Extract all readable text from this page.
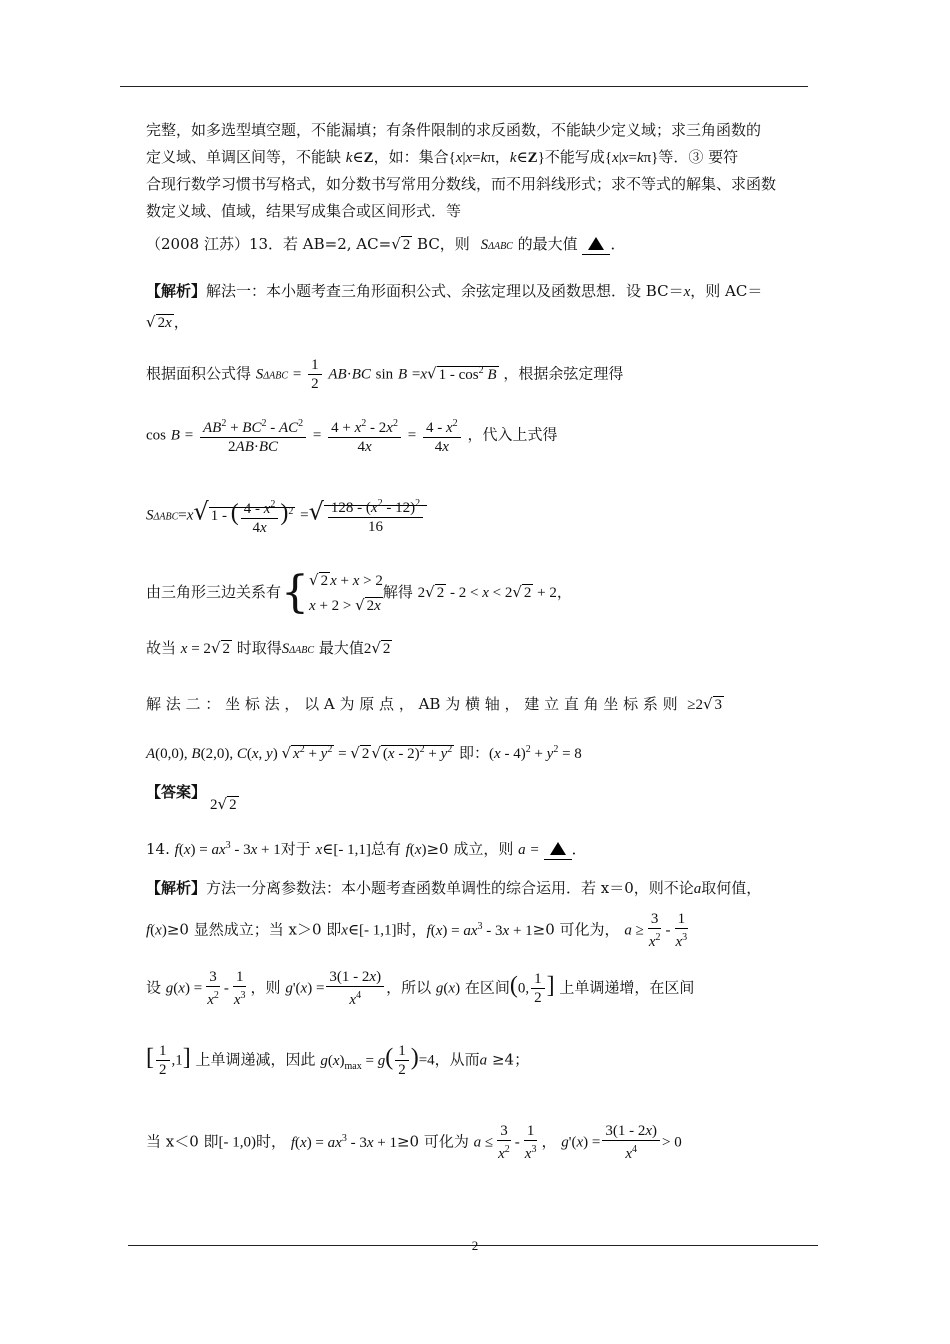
完整，如多选型填空题，不能漏填；有条件限制的求反函数，不能缺少定义域；求三角函数的
定义域、单调区间等，不能缺 k∈Z，如：集合{x|x=kπ，k∈Z}不能写成{x|x=kπ}等．③ 要符
合现行数学习惯书写格式，如分数书写常用分数线，而不用斜线形式；求不等式的解集、求函数
数定义域、值域，结果写成集合或区间形式．等
（2008 江苏）13．若 AB=2, AC=√ 2 BC，则 SΔABC 的最大值 ．
【解析】解法一：本小题考查三角形面积公式、余弦定理以及函数思想．设 BC＝x，则 AC＝
√ 2x ，
根据面积公式得 $S\Delta ABC = \frac{1}{2} AB\cdot BC$ sin B =x√ $1 - \cos^2 B$ ，根据余弦定理得
$\cos B = \frac{AB^2 + BC^2 - AC^2}{2AB\cdot BC} = \frac{4 + x^2 - 2x^2}{4x} = \frac{4 - x^2}{4x}$ ，代入上式得
SΔABC=x√ 1 - ( $\frac{4 - x^2}{4x} )^2$ =√ $\frac{128 - (x^2 - 12)^2}{16}$
由三角形三边关系有{√ 2 x + x > 2
x + 2 > √ 2x解得 2√ 2 - 2 < x < 2√ 2 + 2，
故当 x = 2√ 2 时取得SΔABC 最大值2√ 2
解 法 二 ： 坐 标 法 ， 以 A 为 原 点 ， AB 为 横 轴 ， 建 立 直 角 坐 标 系 则 ≥2√ 3
A(0,0), B(2,0), C(x, y) √ $x^2 + y^2$ = √ 2 √ $(x - 2)^2 + y^2$ 即：$(x - 4)^2 + y^2 = 8$
【答案】
2√ 2
14. $f(x) = ax^3 - 3x + 1$对于 x∈[- 1,1]总有 f(x)≥0 成立，则 a = ．
【解析】方法一分离参数法：本小题考查函数单调性的综合运用．若 x＝0，则不论a取何值，
f(x)≥0 显然成立；当 x＞0 即x∈[- 1,1]时，$f(x) = ax^3 - 3x + 1\ge 0$ 可化为， $a \ge \frac{3}{x^2} - \frac{1}{x^3}$
设 $g(x) = \frac{3}{x^2} - \frac{1}{x^3}$ ，则 $g'(x) = \frac{3(1 - 2x)}{x^4}$ ，所以 g(x) 在区间(0, $\frac{1}{2}$ ] 上单调递增，在区间
[ $\frac{1}{2} ,1$] 上单调递减，因此 $g(x)_{max} = g( \frac{1}{2} )=4$，从而a ≥4；
当 x＜0 即[- 1,0)时， $f(x) = ax^3 - 3x + 1\ge 0$ 可化为 $a \le \frac{3}{x^2} - \frac{1}{x^3}$ ， $g'(x) = \frac{3(1 - 2x)}{x^4} > 0$
2
